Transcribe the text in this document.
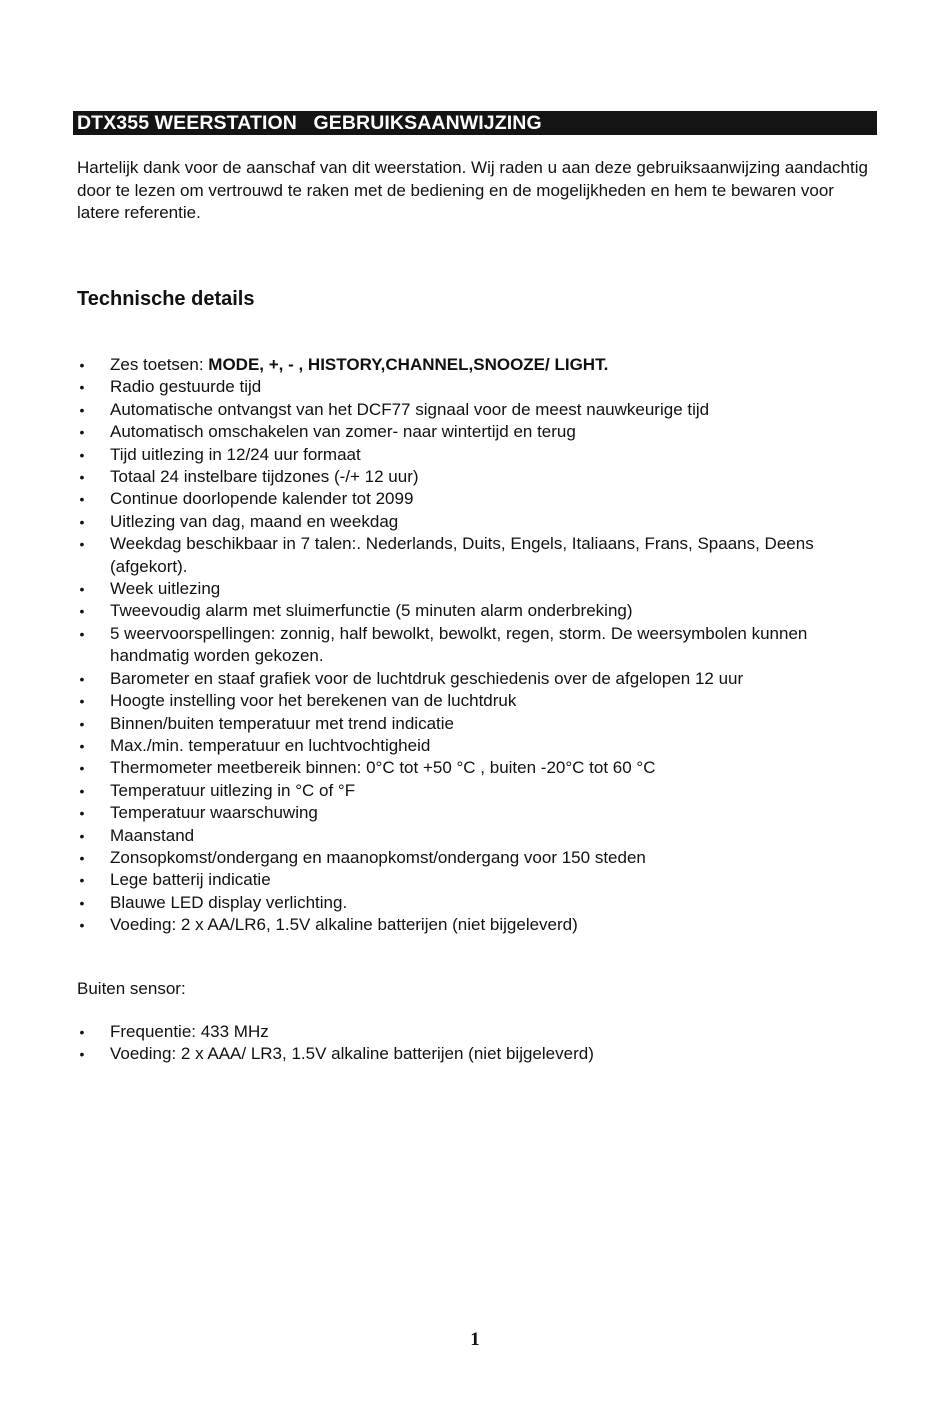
DTX355 WEERSTATION   GEBRUIKSAANWIJZING

Hartelijk dank voor de aanschaf van dit weerstation. Wij raden u aan deze gebruiksaanwijzing aandachtig door te lezen om vertrouwd te raken met de bediening en de mogelijkheden en hem te bewaren voor latere referentie.

Technische details
• Zes toetsen: MODE, +, - , HISTORY,CHANNEL,SNOOZE/ LIGHT.
• Radio gestuurde tijd
• Automatische ontvangst van het DCF77 signaal voor de meest nauwkeurige tijd
• Automatisch omschakelen van zomer- naar wintertijd en terug
• Tijd uitlezing in 12/24 uur formaat
• Totaal 24 instelbare tijdzones (-/+ 12 uur)
• Continue doorlopende kalender tot 2099
• Uitlezing van dag, maand en weekdag
• Weekdag beschikbaar in 7 talen:. Nederlands, Duits, Engels, Italiaans, Frans, Spaans, Deens (afgekort).
• Week uitlezing
• Tweevoudig alarm met sluimerfunctie (5 minuten alarm onderbreking)
• 5 weervoorspellingen: zonnig, half bewolkt, bewolkt, regen, storm. De weersymbolen kunnen handmatig worden gekozen.
• Barometer en staaf grafiek voor de luchtdruk geschiedenis over de afgelopen 12 uur
• Hoogte instelling voor het berekenen van de luchtdruk
• Binnen/buiten temperatuur met trend indicatie
• Max./min. temperatuur en luchtvochtigheid
• Thermometer meetbereik binnen: 0°C tot +50 °C , buiten -20°C tot 60 °C
• Temperatuur uitlezing in °C of °F
• Temperatuur waarschuwing
• Maanstand
• Zonsopkomst/ondergang en maanopkomst/ondergang voor 150 steden
• Lege batterij indicatie
• Blauwe LED display verlichting.
• Voeding: 2 x AA/LR6, 1.5V alkaline batterijen (niet bijgeleverd)

Buiten sensor:

• Frequentie: 433 MHz
• Voeding: 2 x AAA/ LR3, 1.5V alkaline batterijen (niet bijgeleverd)
1
